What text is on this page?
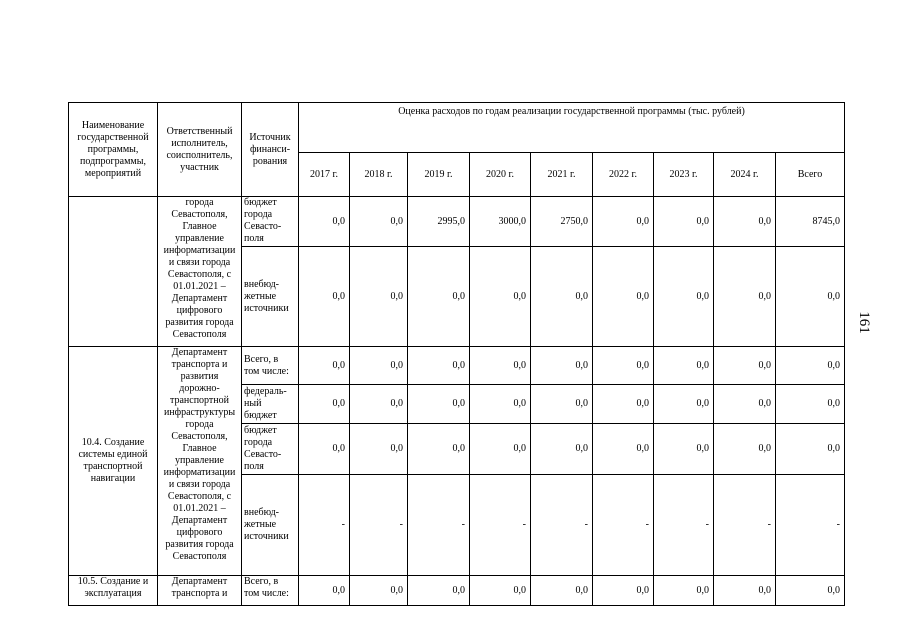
Наименование государственной программы, подпрограммы, мероприятий	Ответственный исполнитель, соисполнитель, участник	Источник финанси-рования	Оценка расходов по годам реализации государственной программы (тыс. рублей)								
			2017 г.	2018 г.	2019 г.	2020 г.	2021 г.	2022 г.	2023 г.	2024 г.	Всего
	города Севастополя, Главное управление информатизации и связи города Севастополя, с 01.01.2021 – Департамент цифрового развития города Севастополя	бюджет города Севасто-поля	0,0	0,0	2995,0	3000,0	2750,0	0,0	0,0	0,0	8745,0
		внебюд-жетные источники	0,0	0,0	0,0	0,0	0,0	0,0	0,0	0,0	0,0
10.4. Создание системы единой транспортной навигации	Департамент транспорта и развития дорожно-транспортной инфраструктуры города Севастополя, Главное управление информатизации и связи города Севастополя, с 01.01.2021 – Департамент цифрового развития города Севастополя	Всего, в том числе:	0,0	0,0	0,0	0,0	0,0	0,0	0,0	0,0	0,0
		федераль-ный бюджет	0,0	0,0	0,0	0,0	0,0	0,0	0,0	0,0	0,0
		бюджет города Севасто-поля	0,0	0,0	0,0	0,0	0,0	0,0	0,0	0,0	0,0
		внебюд-жетные источники	-	-	-	-	-	-	-	-	-
10.5. Создание и эксплуатация	Департамент транспорта и	Всего, в том числе:	0,0	0,0	0,0	0,0	0,0	0,0	0,0	0,0	0,0
161
